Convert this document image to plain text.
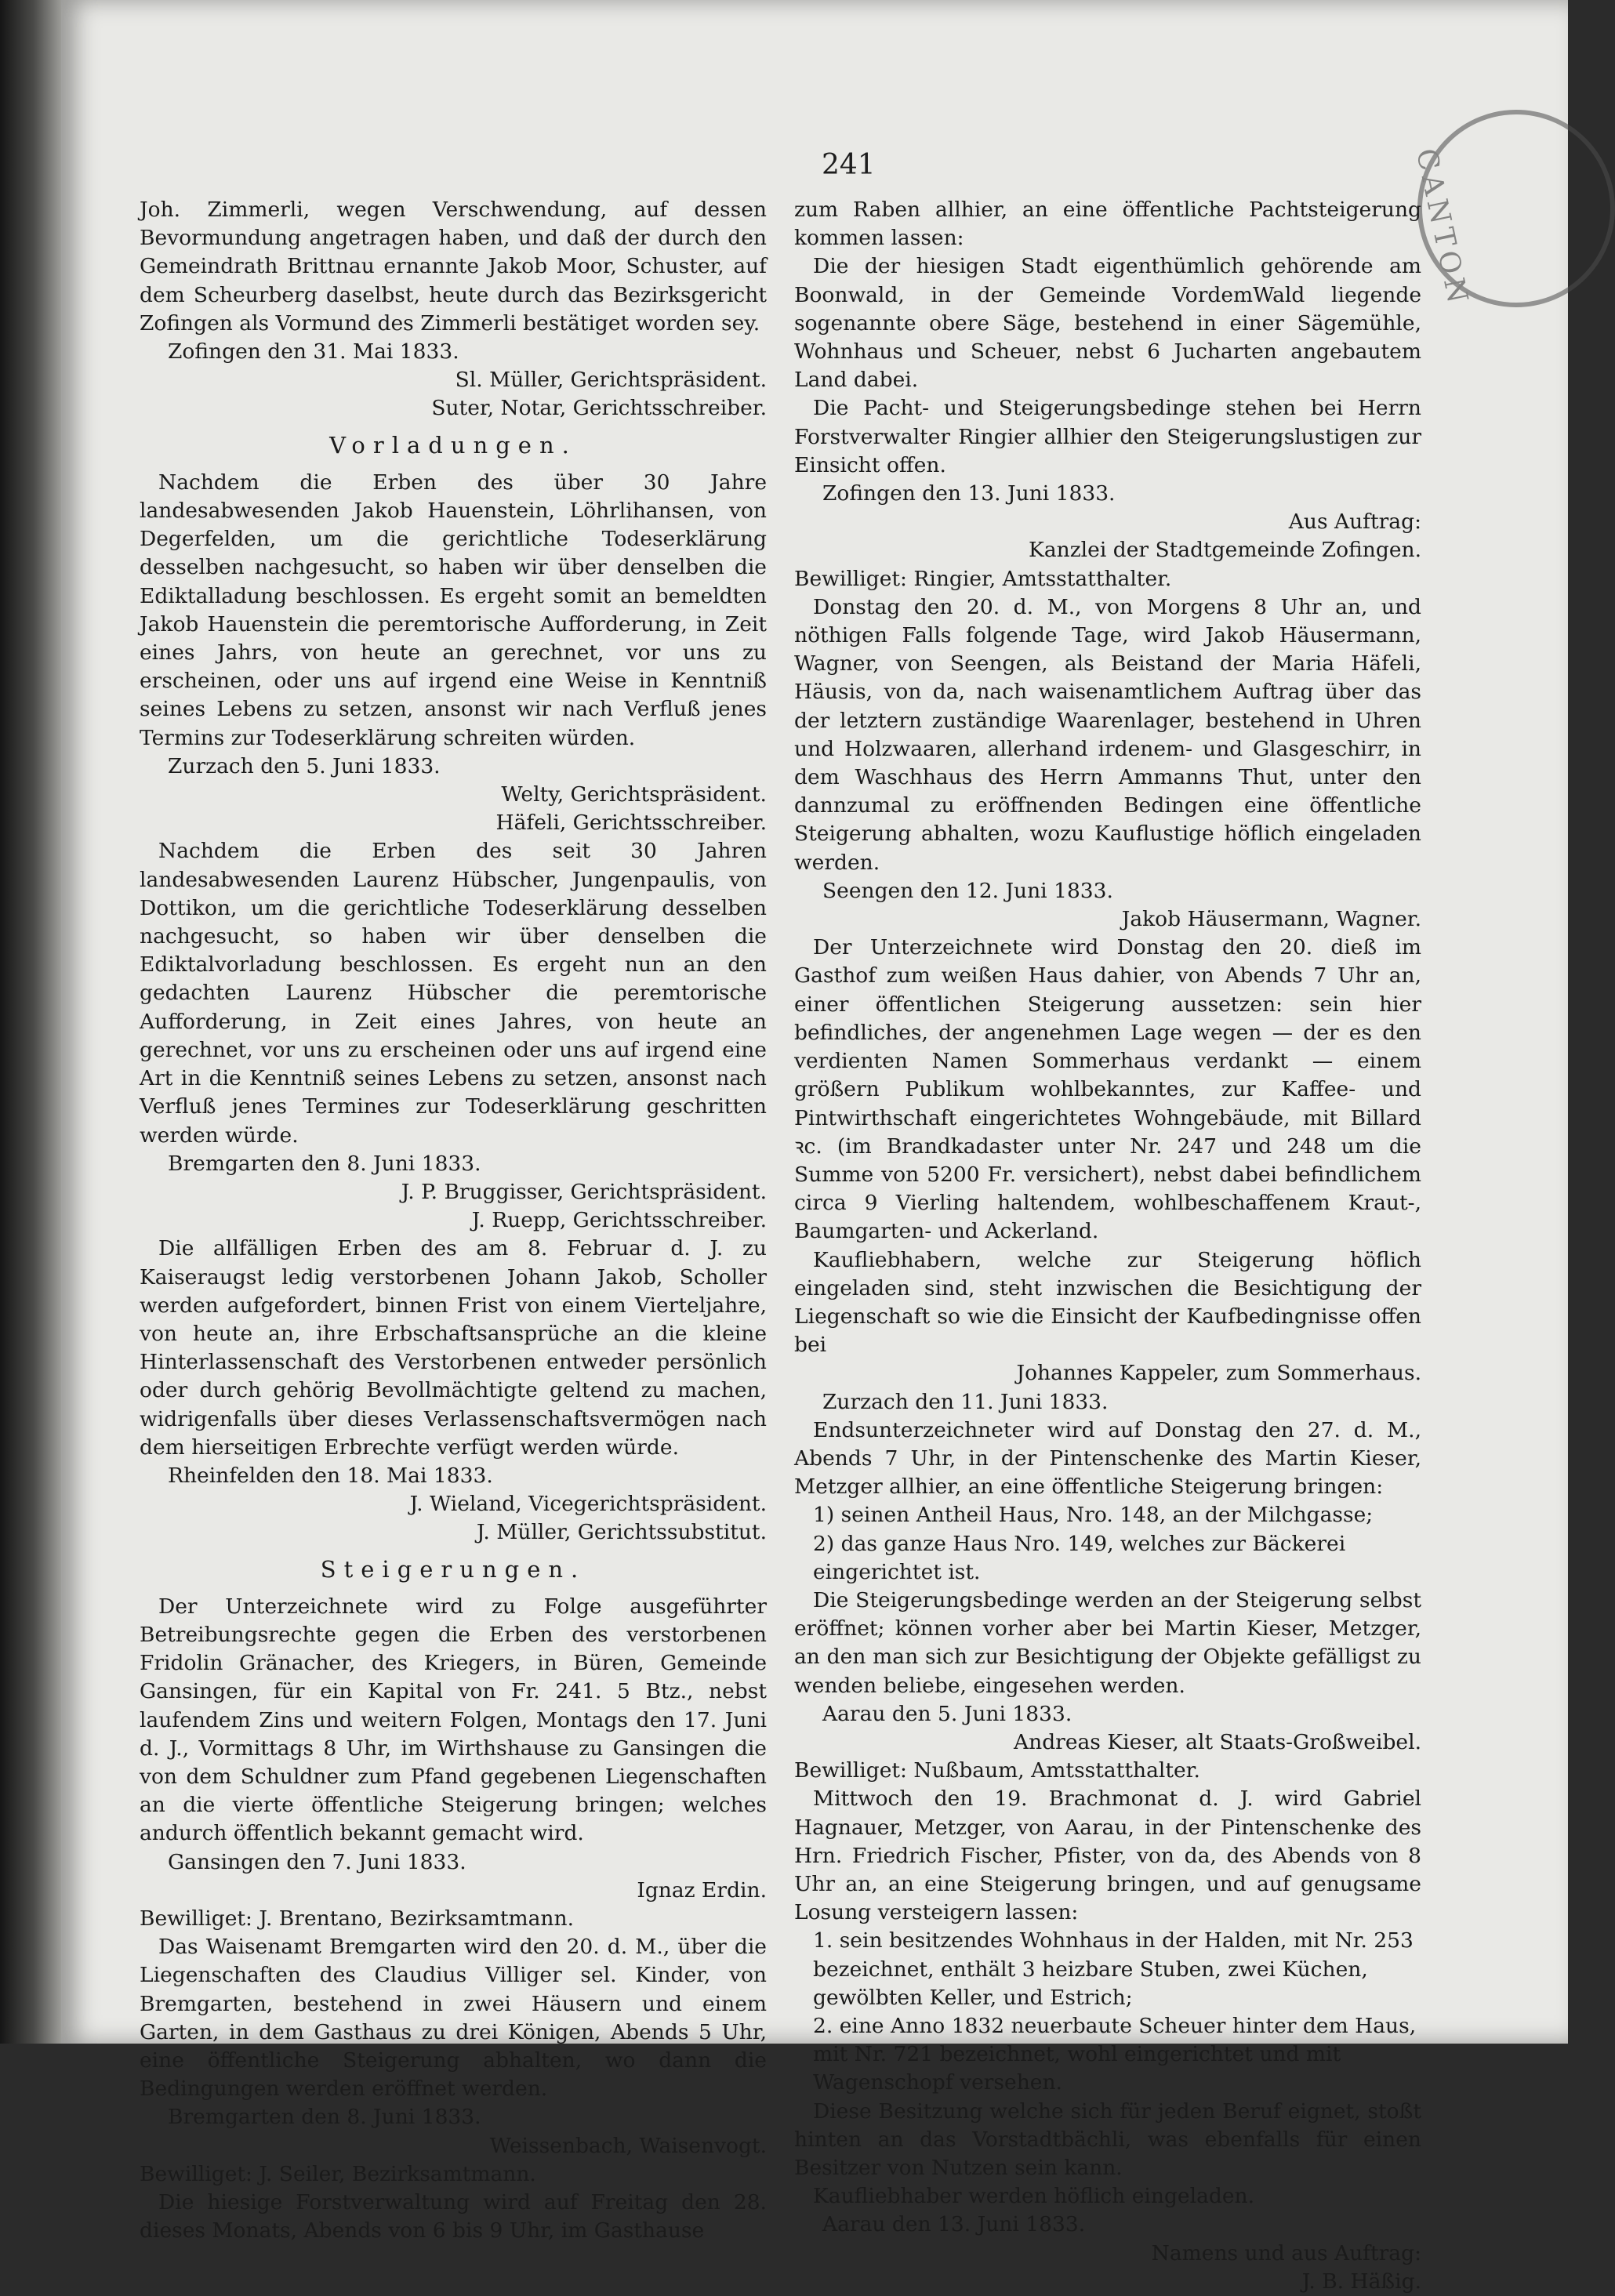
CANTON
241

Joh. Zimmerli, wegen Verschwendung, auf dessen Bevormundung angetragen haben, und daß der durch den Gemeindrath Brittnau ernannte Jakob Moor, Schuster, auf dem Scheurberg daselbst, heute durch das Bezirksgericht Zofingen als Vormund des Zimmerli bestätiget worden sey.

Zofingen den 31. Mai 1833.
Sl. Müller, Gerichtspräsident.
Suter, Notar, Gerichtsschreiber.
Vorladungen.

Nachdem die Erben des über 30 Jahre landesabwesenden Jakob Hauenstein, Löhrlihansen, von Degerfelden, um die gerichtliche Todeserklärung desselben nachgesucht, so haben wir über denselben die Ediktalladung beschlossen. Es ergeht somit an bemeldten Jakob Hauenstein die peremtorische Aufforderung, in Zeit eines Jahrs, von heute an gerechnet, vor uns zu erscheinen, oder uns auf irgend eine Weise in Kenntniß seines Lebens zu setzen, ansonst wir nach Verfluß jenes Termins zur Todeserklärung schreiten würden.

Zurzach den 5. Juni 1833.
Welty, Gerichtspräsident.
Häfeli, Gerichtsschreiber.

Nachdem die Erben des seit 30 Jahren landesabwesenden Laurenz Hübscher, Jungenpaulis, von Dottikon, um die gerichtliche Todeserklärung desselben nachgesucht, so haben wir über denselben die Ediktalvorladung beschlossen. Es ergeht nun an den gedachten Laurenz Hübscher die peremtorische Aufforderung, in Zeit eines Jahres, von heute an gerechnet, vor uns zu erscheinen oder uns auf irgend eine Art in die Kenntniß seines Lebens zu setzen, ansonst nach Verfluß jenes Termines zur Todeserklärung geschritten werden würde.

Bremgarten den 8. Juni 1833.
J. P. Bruggisser, Gerichtspräsident.
J. Ruepp, Gerichtsschreiber.

Die allfälligen Erben des am 8. Februar d. J. zu Kaiseraugst ledig verstorbenen Johann Jakob, Scholler werden aufgefordert, binnen Frist von einem Vierteljahre, von heute an, ihre Erbschaftsansprüche an die kleine Hinterlassenschaft des Verstorbenen entweder persönlich oder durch gehörig Bevollmächtigte geltend zu machen, widrigenfalls über dieses Verlassenschaftsvermögen nach dem hierseitigen Erbrechte verfügt werden würde.

Rheinfelden den 18. Mai 1833.
J. Wieland, Vicegerichtspräsident.
J. Müller, Gerichtssubstitut.
Steigerungen.

Der Unterzeichnete wird zu Folge ausgeführter Betreibungsrechte gegen die Erben des verstorbenen Fridolin Gränacher, des Kriegers, in Büren, Gemeinde Gansingen, für ein Kapital von Fr. 241. 5 Btz., nebst laufendem Zins und weitern Folgen, Montags den 17. Juni d. J., Vormittags 8 Uhr, im Wirthshause zu Gansingen die von dem Schuldner zum Pfand gegebenen Liegenschaften an die vierte öffentliche Steigerung bringen; welches andurch öffentlich bekannt gemacht wird.

Gansingen den 7. Juni 1833.
Ignaz Erdin.
Bewilliget: J. Brentano, Bezirksamtmann.

Das Waisenamt Bremgarten wird den 20. d. M., über die Liegenschaften des Claudius Villiger sel. Kinder, von Bremgarten, bestehend in zwei Häusern und einem Garten, in dem Gasthaus zu drei Königen, Abends 5 Uhr, eine öffentliche Steigerung abhalten, wo dann die Bedingungen werden eröffnet werden.

Bremgarten den 8. Juni 1833.
Weissenbach, Waisenvogt.
Bewilliget: J. Seiler, Bezirksamtmann.

Die hiesige Forstverwaltung wird auf Freitag den 28. dieses Monats, Abends von 6 bis 9 Uhr, im Gasthause

zum Raben allhier, an eine öffentliche Pachtsteigerung kommen lassen:

Die der hiesigen Stadt eigenthümlich gehörende am Boonwald, in der Gemeinde VordemWald liegende sogenannte obere Säge, bestehend in einer Sägemühle, Wohnhaus und Scheuer, nebst 6 Jucharten angebautem Land dabei.

Die Pacht- und Steigerungsbedinge stehen bei Herrn Forstverwalter Ringier allhier den Steigerungslustigen zur Einsicht offen.

Zofingen den 13. Juni 1833.
Aus Auftrag:
Kanzlei der Stadtgemeinde Zofingen.
Bewilliget: Ringier, Amtsstatthalter.

Donstag den 20. d. M., von Morgens 8 Uhr an, und nöthigen Falls folgende Tage, wird Jakob Häusermann, Wagner, von Seengen, als Beistand der Maria Häfeli, Häusis, von da, nach waisenamtlichem Auftrag über das der letztern zuständige Waarenlager, bestehend in Uhren und Holzwaaren, allerhand irdenem- und Glasgeschirr, in dem Waschhaus des Herrn Ammanns Thut, unter den dannzumal zu eröffnenden Bedingen eine öffentliche Steigerung abhalten, wozu Kauflustige höflich eingeladen werden.

Seengen den 12. Juni 1833.
Jakob Häusermann, Wagner.

Der Unterzeichnete wird Donstag den 20. dieß im Gasthof zum weißen Haus dahier, von Abends 7 Uhr an, einer öffentlichen Steigerung aussetzen: sein hier befindliches, der angenehmen Lage wegen — der es den verdienten Namen Sommerhaus verdankt — einem größern Publikum wohlbekanntes, zur Kaffee- und Pintwirthschaft eingerichtetes Wohngebäude, mit Billard ꝛc. (im Brandkadaster unter Nr. 247 und 248 um die Summe von 5200 Fr. versichert), nebst dabei befindlichem circa 9 Vierling haltendem, wohlbeschaffenem Kraut-, Baumgarten- und Ackerland.

Kaufliebhabern, welche zur Steigerung höflich eingeladen sind, steht inzwischen die Besichtigung der Liegenschaft so wie die Einsicht der Kaufbedingnisse offen bei

Johannes Kappeler, zum Sommerhaus.
Zurzach den 11. Juni 1833.

Endsunterzeichneter wird auf Donstag den 27. d. M., Abends 7 Uhr, in der Pintenschenke des Martin Kieser, Metzger allhier, an eine öffentliche Steigerung bringen:

1) seinen Antheil Haus, Nro. 148, an der Milchgasse;
2) das ganze Haus Nro. 149, welches zur Bäckerei eingerichtet ist.

Die Steigerungsbedinge werden an der Steigerung selbst eröffnet; können vorher aber bei Martin Kieser, Metzger, an den man sich zur Besichtigung der Objekte gefälligst zu wenden beliebe, eingesehen werden.

Aarau den 5. Juni 1833.
Andreas Kieser, alt Staats-Großweibel.
Bewilliget: Nußbaum, Amtsstatthalter.

Mittwoch den 19. Brachmonat d. J. wird Gabriel Hagnauer, Metzger, von Aarau, in der Pintenschenke des Hrn. Friedrich Fischer, Pfister, von da, des Abends von 8 Uhr an, an eine Steigerung bringen, und auf genugsame Losung versteigern lassen:

1. sein besitzendes Wohnhaus in der Halden, mit Nr. 253 bezeichnet, enthält 3 heizbare Stuben, zwei Küchen, gewölbten Keller, und Estrich;
2. eine Anno 1832 neuerbaute Scheuer hinter dem Haus, mit Nr. 721 bezeichnet, wohl eingerichtet und mit Wagenschopf versehen.

Diese Besitzung welche sich für jeden Beruf eignet, stoßt hinten an das Vorstadtbächli, was ebenfalls für einen Besitzer von Nutzen sein kann.

Kaufliebhaber werden höflich eingeladen.

Aarau den 13. Juni 1833.
Namens und aus Auftrag:
J. B. Häßig.
